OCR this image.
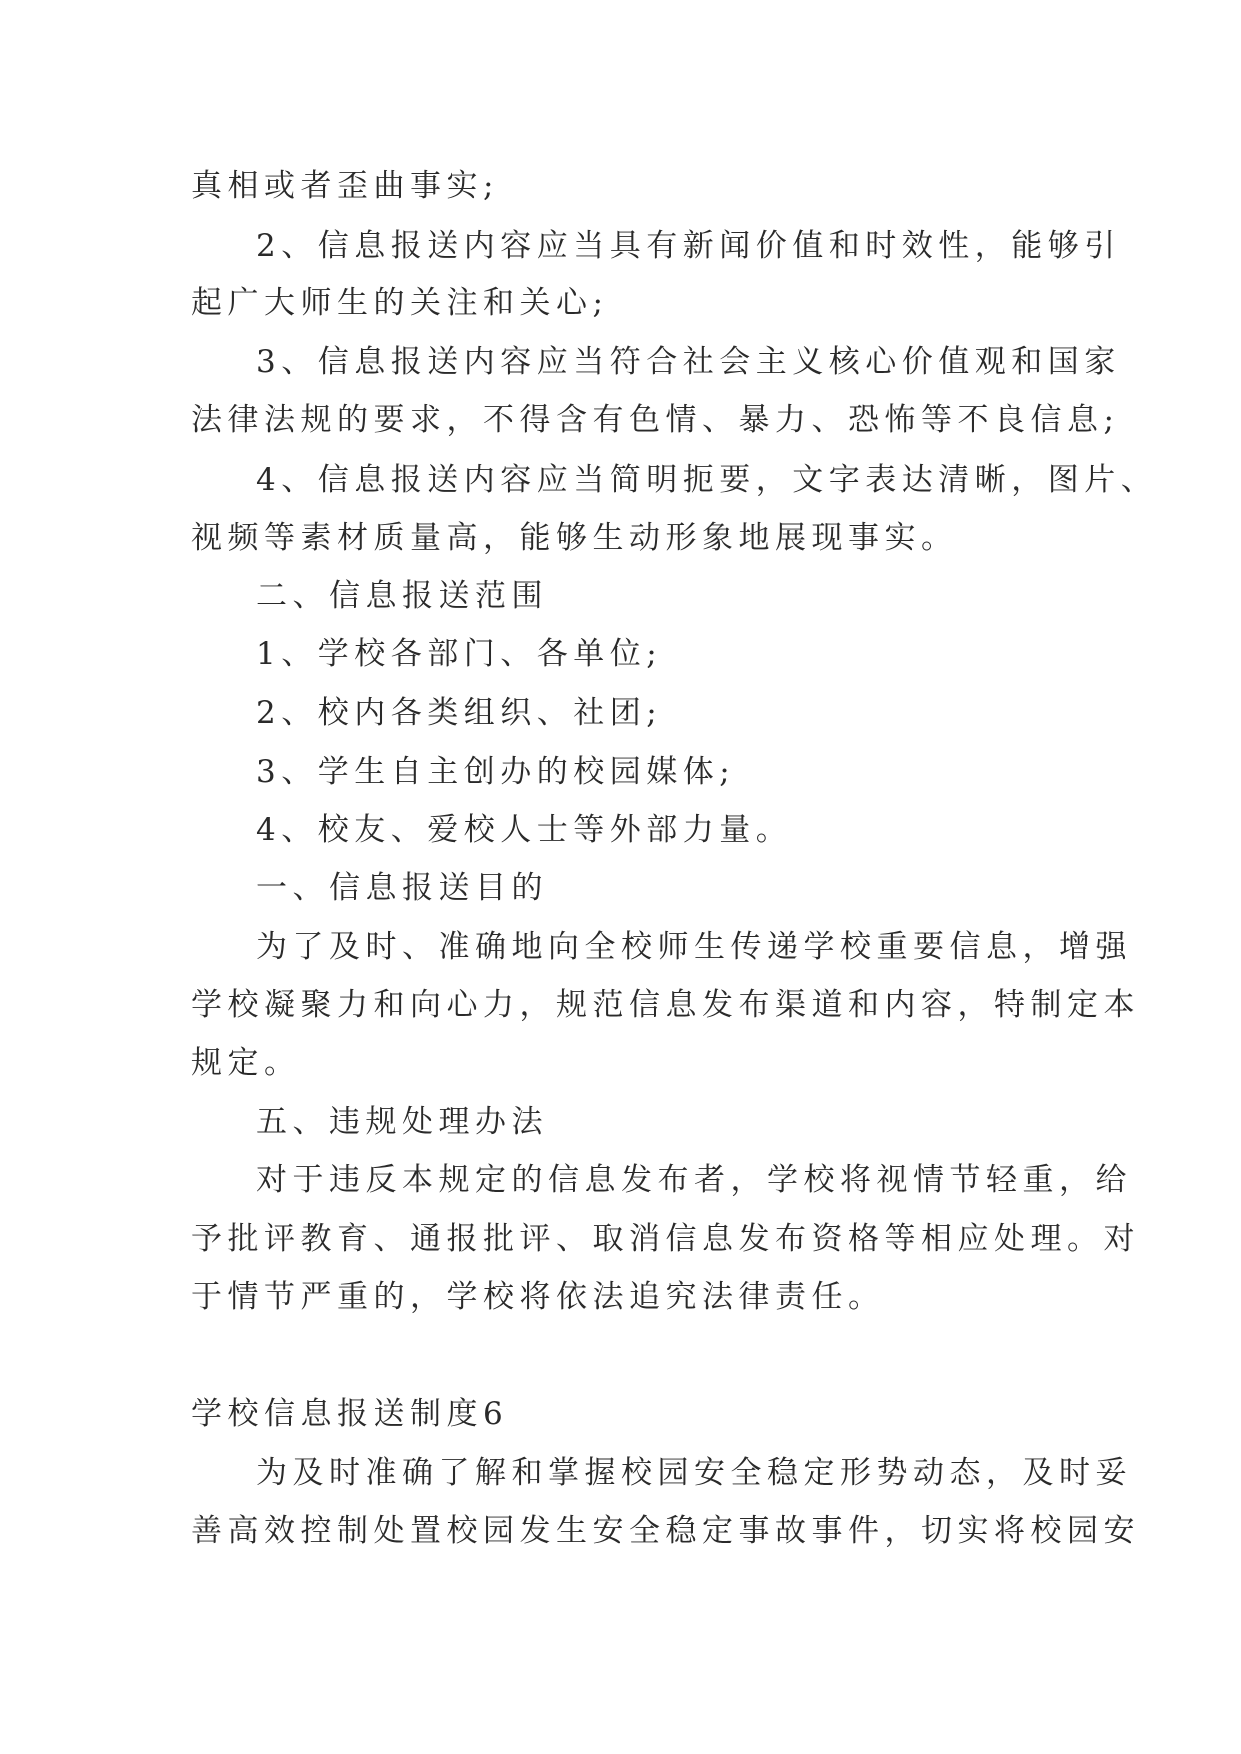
真相或者歪曲事实;
2、信息报送内容应当具有新闻价值和时效性，能够引
起广大师生的关注和关心;
3、信息报送内容应当符合社会主义核心价值观和国家
法律法规的要求，不得含有色情、暴力、恐怖等不良信息;
4、信息报送内容应当简明扼要，文字表达清晰，图片、
视频等素材质量高，能够生动形象地展现事实。
二、信息报送范围
1、学校各部门、各单位;
2、校内各类组织、社团;
3、学生自主创办的校园媒体;
4、校友、爱校人士等外部力量。
一、信息报送目的
为了及时、准确地向全校师生传递学校重要信息，增强
学校凝聚力和向心力，规范信息发布渠道和内容，特制定本
规定。
五、违规处理办法
对于违反本规定的信息发布者，学校将视情节轻重，给
予批评教育、通报批评、取消信息发布资格等相应处理。对
于情节严重的，学校将依法追究法律责任。
学校信息报送制度6
为及时准确了解和掌握校园安全稳定形势动态，及时妥
善高效控制处置校园发生安全稳定事故事件，切实将校园安
